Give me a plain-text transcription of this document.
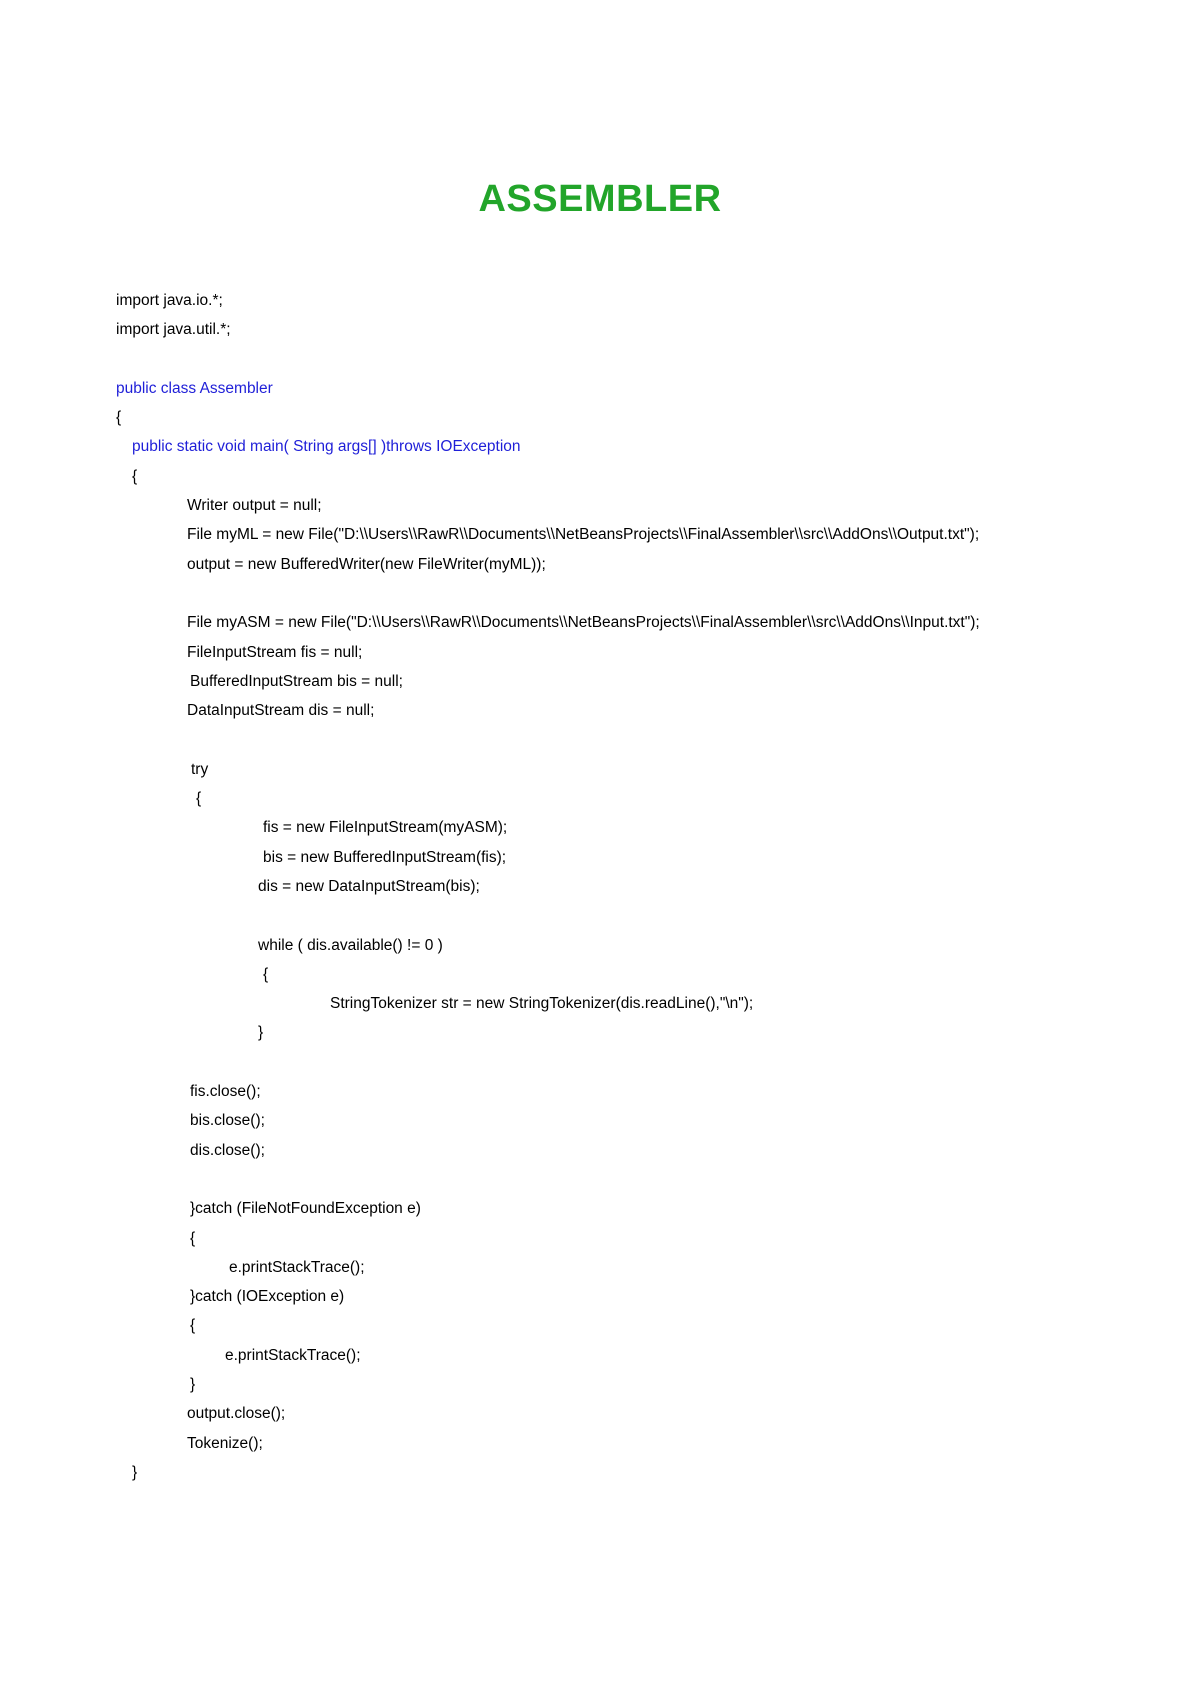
ASSEMBLER
import java.io.*;
import java.util.*;
public class Assembler
{
public static void main( String args[] )throws IOException
{
Writer output = null;
File myML = new File("D:\\Users\\RawR\\Documents\\NetBeansProjects\\FinalAssembler\\src\\AddOns\\Output.txt");
output = new BufferedWriter(new FileWriter(myML));
File myASM = new File("D:\\Users\\RawR\\Documents\\NetBeansProjects\\FinalAssembler\\src\\AddOns\\Input.txt");
FileInputStream fis = null;
BufferedInputStream bis = null;
DataInputStream dis = null;
try
{
fis = new FileInputStream(myASM);
bis = new BufferedInputStream(fis);
dis = new DataInputStream(bis);
while ( dis.available() != 0 )
{
StringTokenizer str = new StringTokenizer(dis.readLine(),"\n");
}
fis.close();
bis.close();
dis.close();
}catch (FileNotFoundException e)
{
e.printStackTrace();
}catch (IOException e)
{
e.printStackTrace();
}
output.close();
Tokenize();
}
